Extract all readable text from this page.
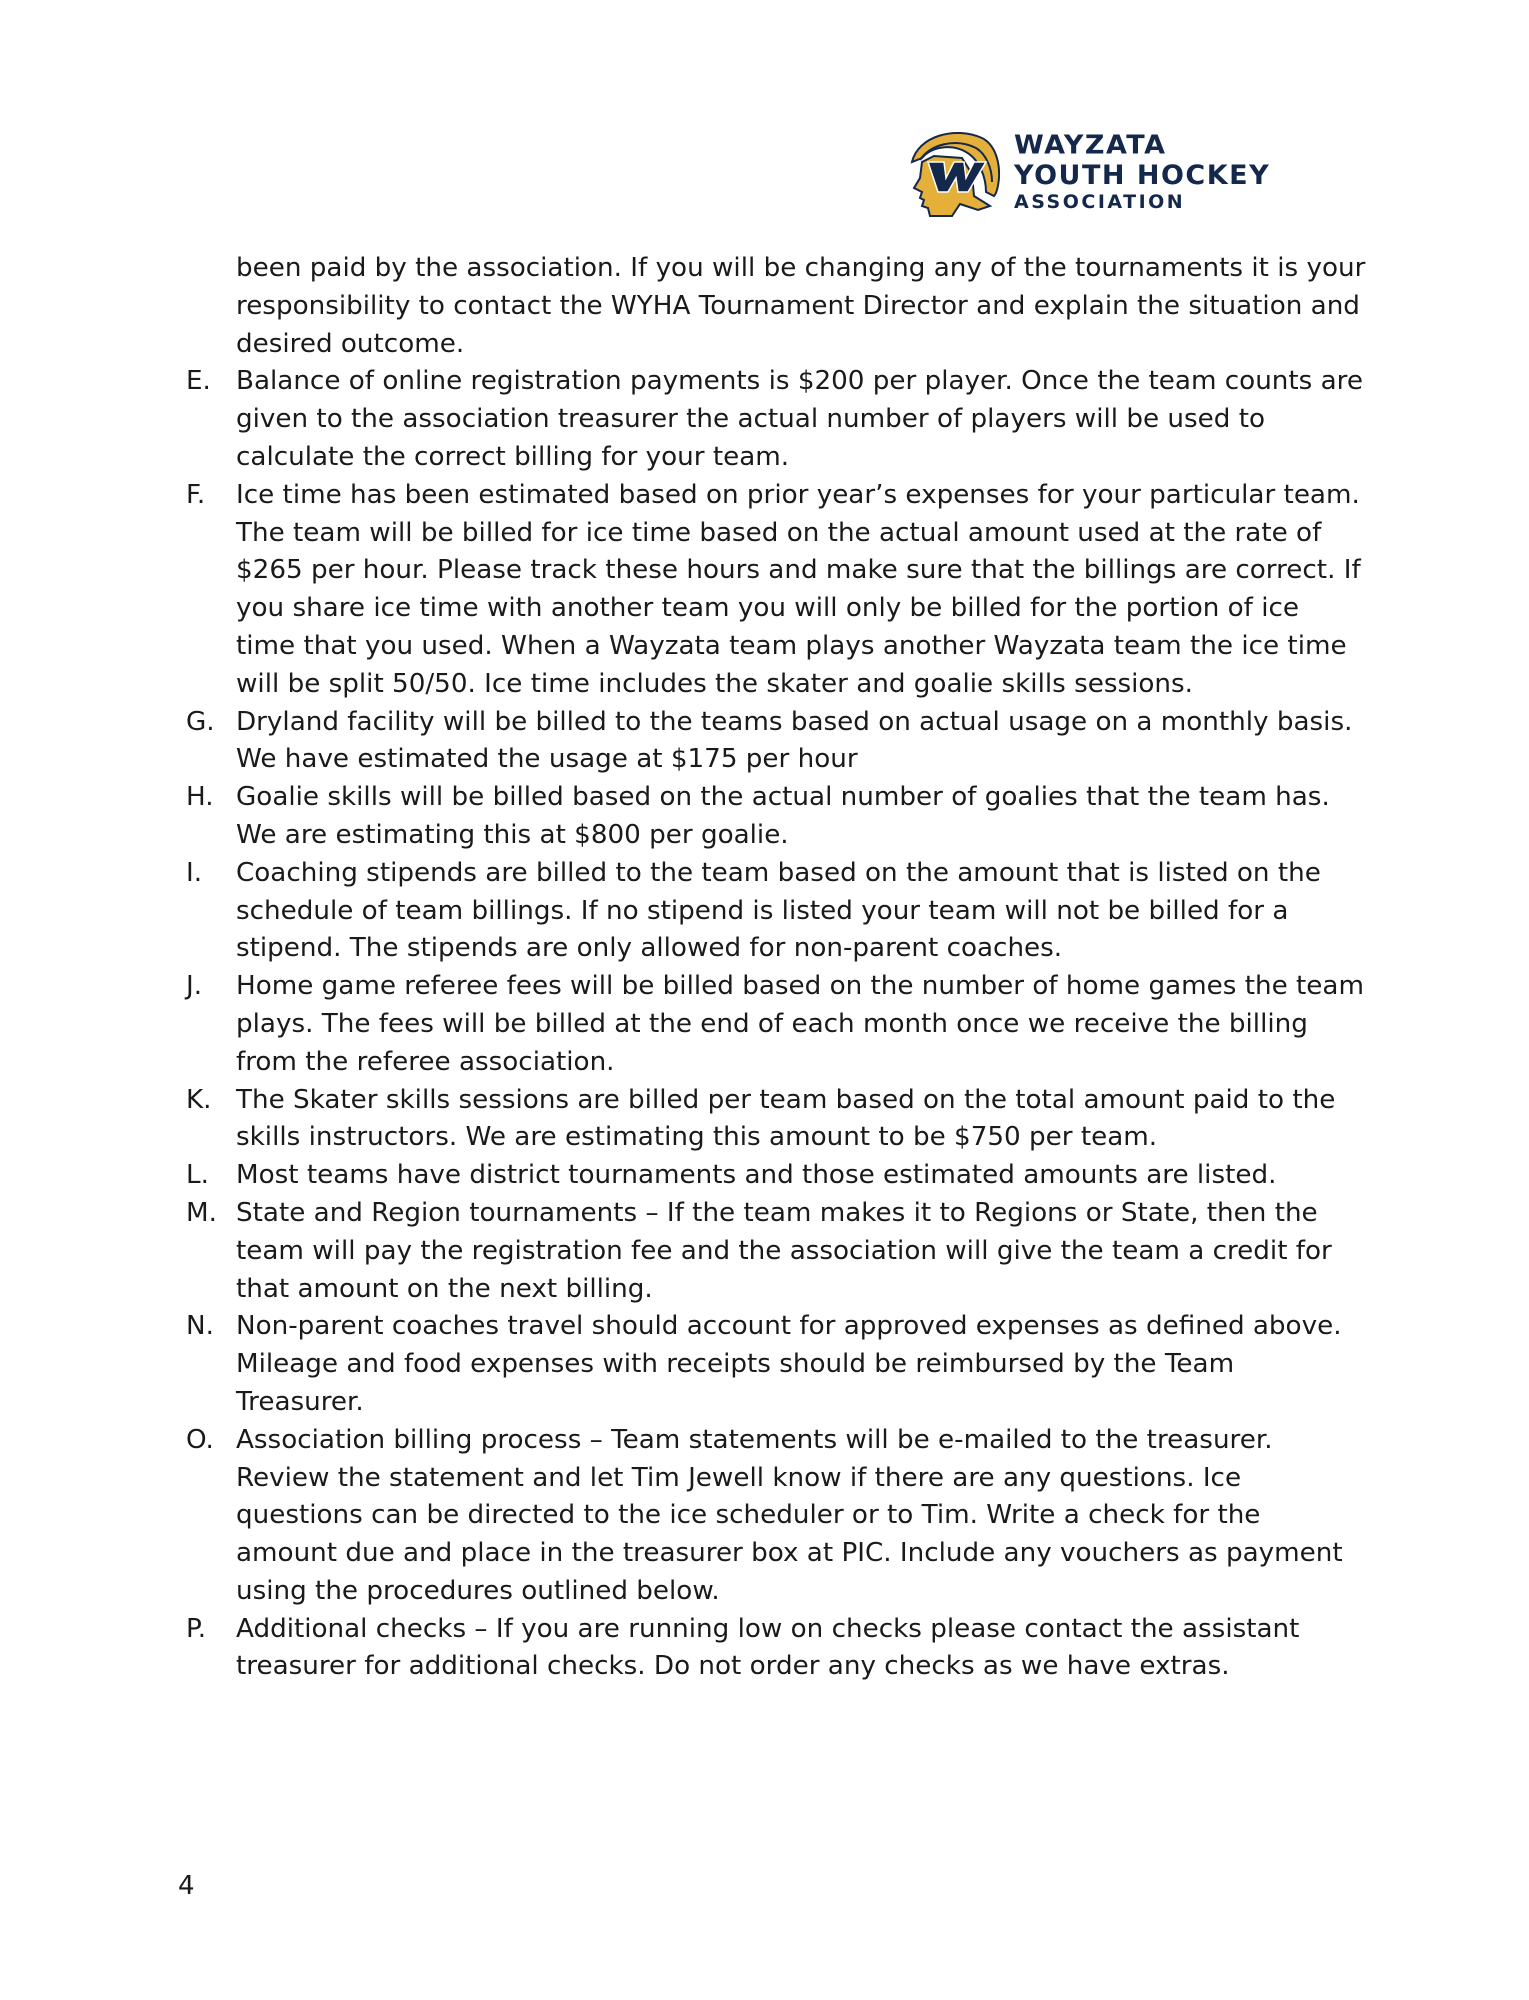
WAYZATA
YOUTH HOCKEY
ASSOCIATION
been paid by the association. If you will be changing any of the tournaments it is your responsibility to contact the WYHA Tournament Director and explain the situation and desired outcome.
E. Balance of online registration payments is $200 per player. Once the team counts are given to the association treasurer the actual number of players will be used to calculate the correct billing for your team.
F.	Ice time has been estimated based on prior year’s expenses for your particular team. The team will be billed for ice time based on the actual amount used at the rate of $265 per hour. Please track these hours and make sure that the billings are correct. If you share ice time with another team you will only be billed for the portion of ice time that you used. When a Wayzata team plays another Wayzata team the ice time will be split 50/50. Ice time includes the skater and goalie skills sessions.
G. Dryland facility will be billed to the teams based on actual usage on a monthly basis. We have estimated the usage at $175 per hour
H. Goalie skills will be billed based on the actual number of goalies that the team has. We are estimating this at $800 per goalie.
I.	Coaching stipends are billed to the team based on the amount that is listed on the schedule of team billings. If no stipend is listed your team will not be billed for a stipend. The stipends are only allowed for non-parent coaches.
J.	Home game referee fees will be billed based on the number of home games the team plays. The fees will be billed at the end of each month once we receive the billing from the referee association.
K. The Skater skills sessions are billed per team based on the total amount paid to the skills instructors. We are estimating this amount to be $750 per team.
L.	Most teams have district tournaments and those estimated amounts are listed.
M. State and Region tournaments – If the team makes it to Regions or State, then the team will pay the registration fee and the association will give the team a credit for that amount on the next billing.
N. Non-parent coaches travel should account for approved expenses as defined above. Mileage and food expenses with receipts should be reimbursed by the Team Treasurer.
O. Association billing process – Team statements will be e-mailed to the treasurer. Review the statement and let Tim Jewell know if there are any questions. Ice questions can be directed to the ice scheduler or to Tim. Write a check for the amount due and place in the treasurer box at PIC. Include any vouchers as payment using the procedures outlined below.
P.	Additional checks – If you are running low on checks please contact the assistant treasurer for additional checks. Do not order any checks as we have extras.
4
